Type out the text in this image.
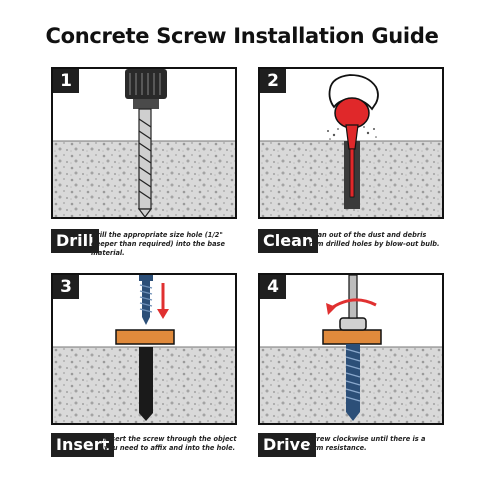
Concrete Screw Installation Guide
1
Drill
Drill the appropriate size hole (1/2" deeper than required) into the base material.
2
Clean
Clean out of the dust and debris from drilled holes by blow-out bulb.
3
Insert
Insert the screw through the object you need to affix and into the hole.
4
Drive
Screw clockwise until there is a firm resistance.
